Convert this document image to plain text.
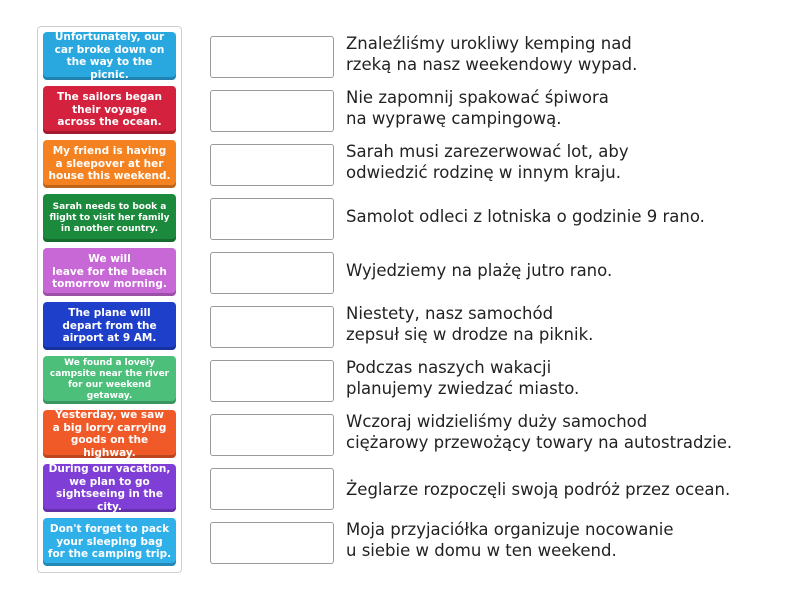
Unfortunately, our
car broke down on
the way to the picnic.
The sailors began
their voyage
across the ocean.
My friend is having
a sleepover at her
house this weekend.
Sarah needs to book a
flight to visit her family
in another country.
We will
leave for the beach
tomorrow morning.
The plane will
depart from the
airport at 9 AM.
We found a lovely
campsite near the river
for our weekend getaway.
Yesterday, we saw
a big lorry carrying
goods on the highway.
During our vacation,
we plan to go
sightseeing in the city.
Don't forget to pack
your sleeping bag
for the camping trip.
Znaleźliśmy urokliwy kemping nad
rzeką na nasz weekendowy wypad.
Nie zapomnij spakować śpiwora
na wyprawę campingową.
Sarah musi zarezerwować lot, aby
odwiedzić rodzinę w innym kraju.
Samolot odleci z lotniska o godzinie 9 rano.
Wyjedziemy na plażę jutro rano.
Niestety, nasz samochód
zepsuł się w drodze na piknik.
Podczas naszych wakacji
planujemy zwiedzać miasto.
Wczoraj widzieliśmy duży samochod
ciężarowy przewożący towary na autostradzie.
Żeglarze rozpoczęli swoją podróż przez ocean.
Moja przyjaciółka organizuje nocowanie
u siebie w domu w ten weekend.
